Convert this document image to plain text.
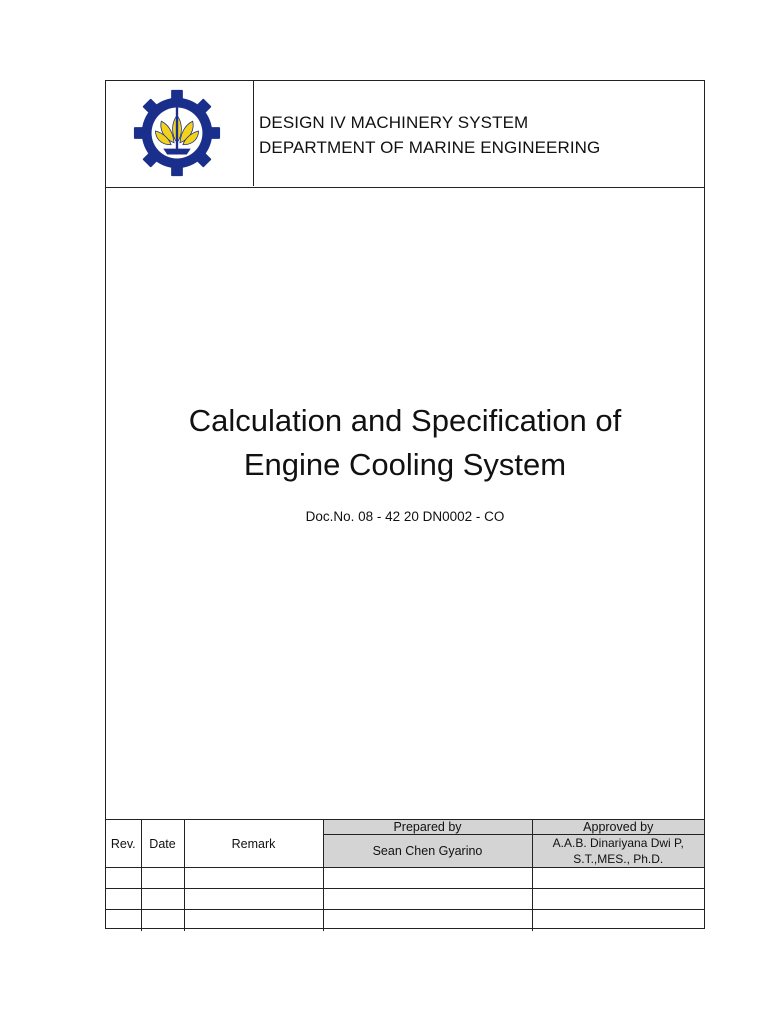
DESIGN IV MACHINERY SYSTEM
DEPARTMENT OF MARINE ENGINEERING
Calculation and Specification of
Engine Cooling System
Doc.No. 08 - 42 20 DN0002 - CO
Rev.	Date	Remark	Prepared by	Approved by
			Sean Chen Gyarino	A.A.B. Dinariyana Dwi P, S.T.,MES., Ph.D.
